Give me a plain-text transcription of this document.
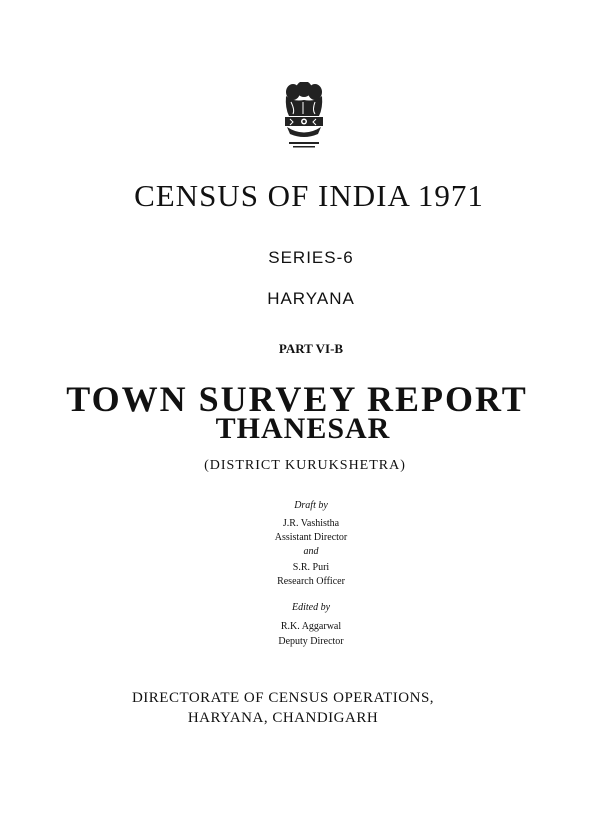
CENSUS OF INDIA 1971
SERIES-6
HARYANA
PART VI-B
TOWN SURVEY REPORT
THANESAR
(DISTRICT KURUKSHETRA)
Draft by
J.R. Vashistha
Assistant Director
and
S.R. Puri
Research Officer
Edited by
R.K. Aggarwal
Deputy Director
DIRECTORATE OF CENSUS OPERATIONS,
HARYANA, CHANDIGARH
